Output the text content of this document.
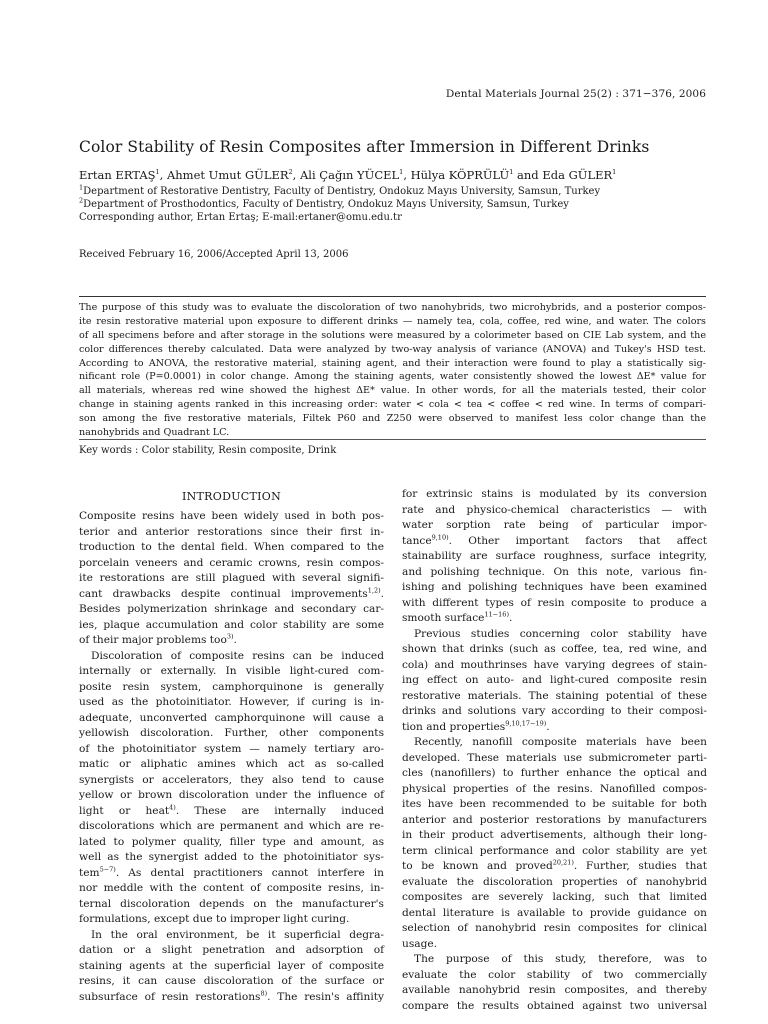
Dental Materials Journal 25(2) : 371−376, 2006
Color Stability of Resin Composites after Immersion in Different Drinks
Ertan ERTAŞ$^1$, Ahmet Umut GÜLER$^2$, Ali Çağın YÜCEL$^1$, Hülya KÖPRÜLÜ$^1$ and Eda GÜLER$^1$
$^1$Department of Restorative Dentistry, Faculty of Dentistry, Ondokuz Mayıs University, Samsun, Turkey
$^2$Department of Prosthodontics, Faculty of Dentistry, Ondokuz Mayıs University, Samsun, Turkey
Corresponding author, Ertan Ertaş; E-mail:ertaner@omu.edu.tr
Received February 16, 2006/Accepted April 13, 2006
The purpose of this study was to evaluate the discoloration of two nanohybrids, two microhybrids, and a posterior compos-
ite resin restorative material upon exposure to different drinks — namely tea, cola, coffee, red wine, and water. The colors
of all specimens before and after storage in the solutions were measured by a colorimeter based on CIE Lab system, and the
color differences thereby calculated. Data were analyzed by two-way analysis of variance (ANOVA) and Tukey's HSD test.
According to ANOVA, the restorative material, staining agent, and their interaction were found to play a statistically sig-
nificant role (P=0.0001) in color change. Among the staining agents, water consistently showed the lowest ΔE* value for
all materials, whereas red wine showed the highest ΔE* value. In other words, for all the materials tested, their color
change in staining agents ranked in this increasing order: water < cola < tea < coffee < red wine. In terms of compari-
son among the five restorative materials, Filtek P60 and Z250 were observed to manifest less color change than the
nanohybrids and Quadrant LC.
Key words : Color stability, Resin composite, Drink
INTRODUCTION
Composite resins have been widely used in both pos-
terior and anterior restorations since their first in-
troduction to the dental field. When compared to the
porcelain veneers and ceramic crowns, resin compos-
ite restorations are still plagued with several signifi-
cant drawbacks despite continual improvements$^{1,2)}$.
Besides polymerization shrinkage and secondary car-
ies, plaque accumulation and color stability are some
of their major problems too$^{3)}$.
Discoloration of composite resins can be induced
internally or externally. In visible light-cured com-
posite resin system, camphorquinone is generally
used as the photoinitiator. However, if curing is in-
adequate, unconverted camphorquinone will cause a
yellowish discoloration. Further, other components
of the photoinitiator system — namely tertiary aro-
matic or aliphatic amines which act as so-called
synergists or accelerators, they also tend to cause
yellow or brown discoloration under the influence of
light or heat$^{4)}$. These are internally induced
discolorations which are permanent and which are re-
lated to polymer quality, filler type and amount, as
well as the synergist added to the photoinitiator sys-
tem$^{5-7)}$. As dental practitioners cannot interfere in
nor meddle with the content of composite resins, in-
ternal discoloration depends on the manufacturer's
formulations, except due to improper light curing.
In the oral environment, be it superficial degra-
dation or a slight penetration and adsorption of
staining agents at the superficial layer of composite
resins, it can cause discoloration of the surface or
subsurface of resin restorations$^{8)}$. The resin's affinity
for extrinsic stains is modulated by its conversion
rate and physico-chemical characteristics — with
water sorption rate being of particular impor-
tance$^{9,10)}$. Other important factors that affect
stainability are surface roughness, surface integrity,
and polishing technique. On this note, various fin-
ishing and polishing techniques have been examined
with different types of resin composite to produce a
smooth surface$^{11-16)}$.
Previous studies concerning color stability have
shown that drinks (such as coffee, tea, red wine, and
cola) and mouthrinses have varying degrees of stain-
ing effect on auto- and light-cured composite resin
restorative materials. The staining potential of these
drinks and solutions vary according to their composi-
tion and properties$^{9,10,17-19)}$.
Recently, nanofill composite materials have been
developed. These materials use submicrometer parti-
cles (nanofillers) to further enhance the optical and
physical properties of the resins. Nanofilled compos-
ites have been recommended to be suitable for both
anterior and posterior restorations by manufacturers
in their product advertisements, although their long-
term clinical performance and color stability are yet
to be known and proved$^{20,21)}$. Further, studies that
evaluate the discoloration properties of nanohybrid
composites are severely lacking, such that limited
dental literature is available to provide guidance on
selection of nanohybrid resin composites for clinical
usage.
The purpose of this study, therefore, was to
evaluate the color stability of two commercially
available nanohybrid resin composites, and thereby
compare the results obtained against two universal
